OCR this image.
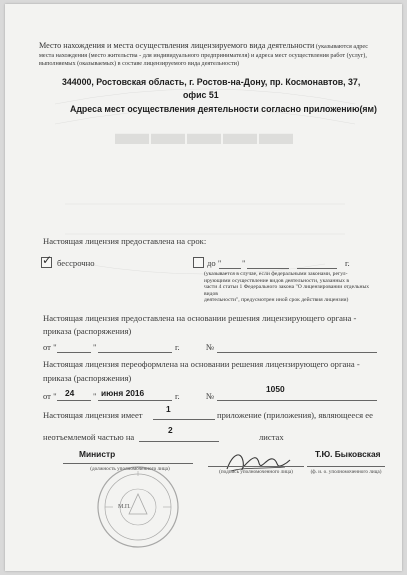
▬▬▬▬▬
Место нахождения и места осуществления лицензируемого вида деятельности (указываются адрес
места нахождения (место жительства - для индивидуального предпринимателя) и адреса мест осуществления работ (услуг),
выполняемых (оказываемых) в составе лицензируемого вида деятельности)
344000, Ростовская область, г. Ростов-на-Дону, пр. Космонавтов, 37,
офис 51
Адреса мест осуществления деятельности согласно приложению(ям)
Настоящая лицензия предоставлена на срок:
✓ бессрочно	до " "	г.
(указывается в случае, если федеральными законами, регул-
ирующими осуществление видов деятельности, указанных в
части 4 статьи 1 Федерального закона "О лицензировании отдельных видов
деятельности", предусмотрен иной срок действия лицензии)
Настоящая лицензия предоставлена на основании решения лицензирующего органа -
приказа (распоряжения)
от "	"	г.	№
Настоящая лицензия переоформлена на основании решения лицензирующего органа -
приказа (распоряжения)
от " 24 " июня 2016	г.	№
1050
Настоящая лицензия имеет
1
приложение (приложения), являющееся ее
неотъемлемой частью на
2
листах
Министр
(должность уполномоченного лица)	(подпись уполномоченного лица)
Т.Ю. Быковская
(ф. и. о. уполномоченного лица)
М.П.
